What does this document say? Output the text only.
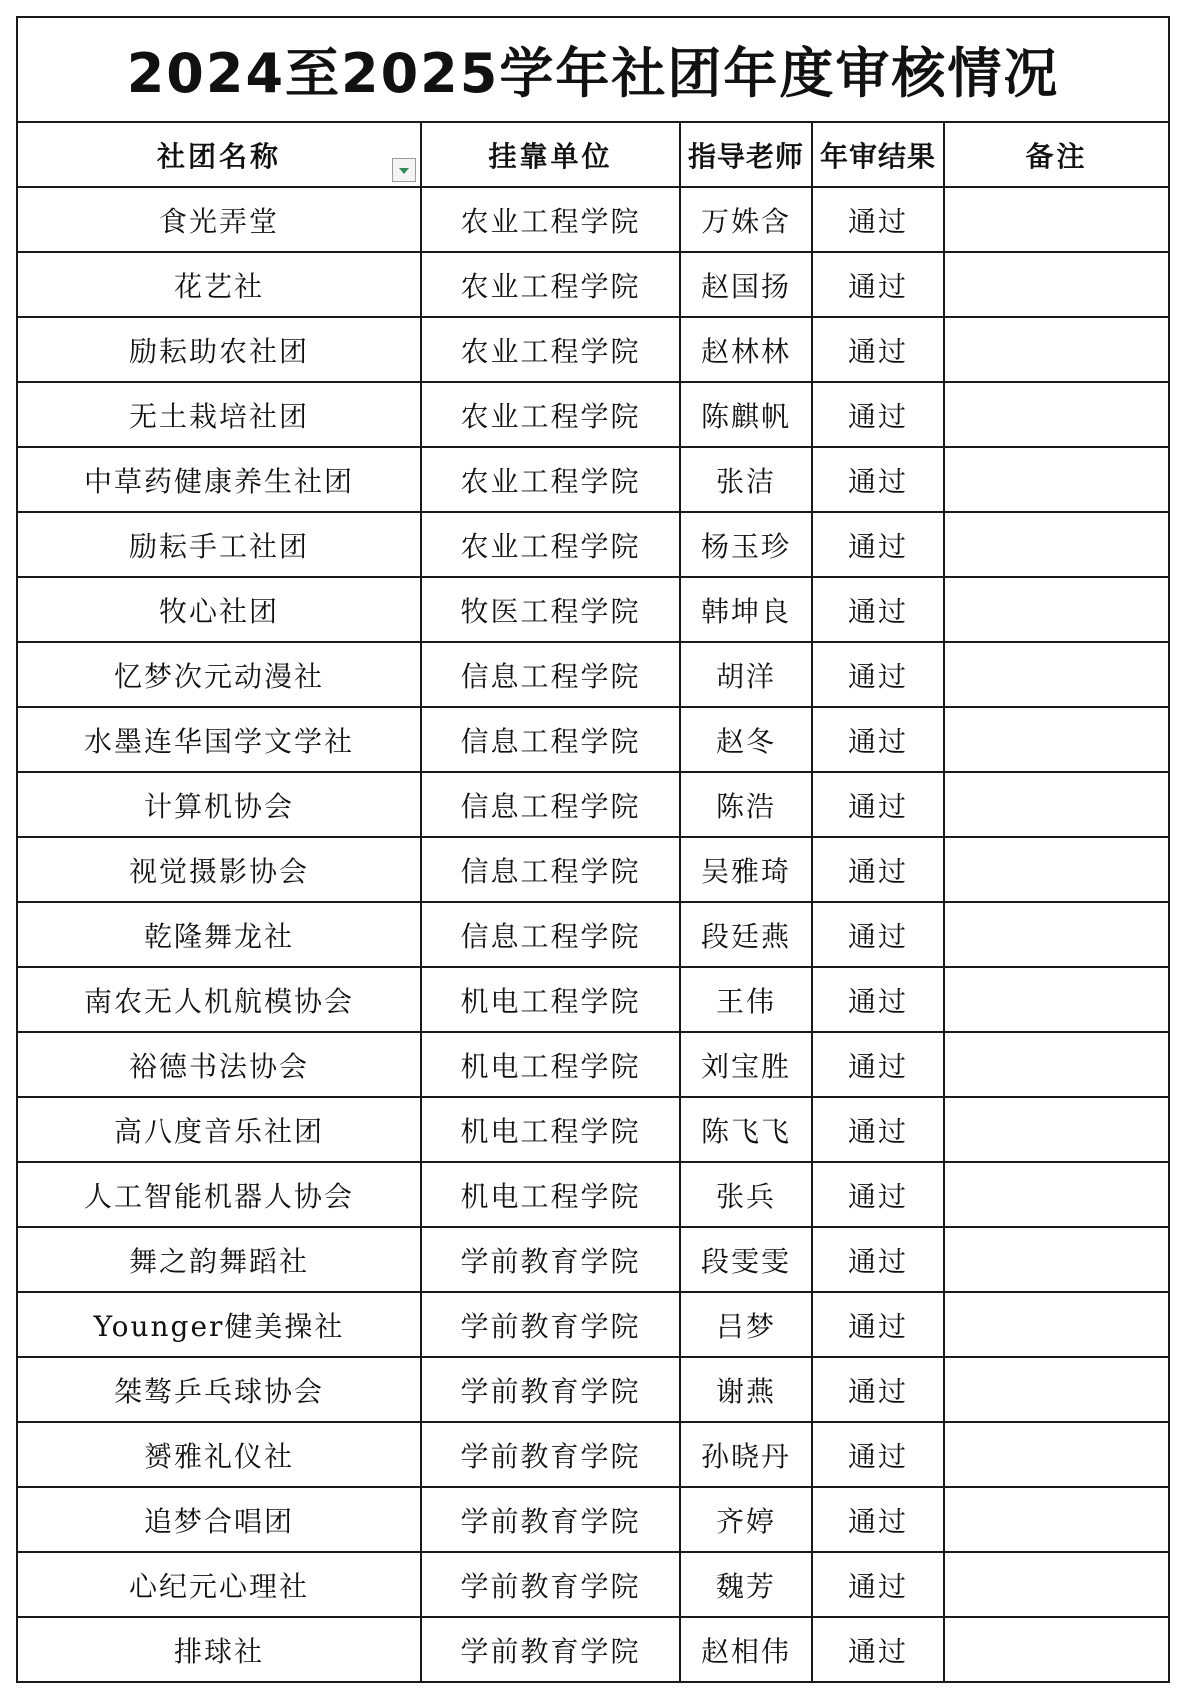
2024至2025学年社团年度审核情况				
社团名称	挂靠单位	指导老师	年审结果	备注
食光弄堂	农业工程学院	万姝含	通过	
花艺社	农业工程学院	赵国扬	通过	
励耘助农社团	农业工程学院	赵林林	通过	
无土栽培社团	农业工程学院	陈麒帆	通过	
中草药健康养生社团	农业工程学院	张洁	通过	
励耘手工社团	农业工程学院	杨玉珍	通过	
牧心社团	牧医工程学院	韩坤良	通过	
忆梦次元动漫社	信息工程学院	胡洋	通过	
水墨连华国学文学社	信息工程学院	赵冬	通过	
计算机协会	信息工程学院	陈浩	通过	
视觉摄影协会	信息工程学院	吴雅琦	通过	
乾隆舞龙社	信息工程学院	段廷燕	通过	
南农无人机航模协会	机电工程学院	王伟	通过	
裕德书法协会	机电工程学院	刘宝胜	通过	
高八度音乐社团	机电工程学院	陈飞飞	通过	
人工智能机器人协会	机电工程学院	张兵	通过	
舞之韵舞蹈社	学前教育学院	段雯雯	通过	
Younger健美操社	学前教育学院	吕梦	通过	
桀骜乒乓球协会	学前教育学院	谢燕	通过	
赟雅礼仪社	学前教育学院	孙晓丹	通过	
追梦合唱团	学前教育学院	齐婷	通过	
心纪元心理社	学前教育学院	魏芳	通过	
排球社	学前教育学院	赵相伟	通过	
